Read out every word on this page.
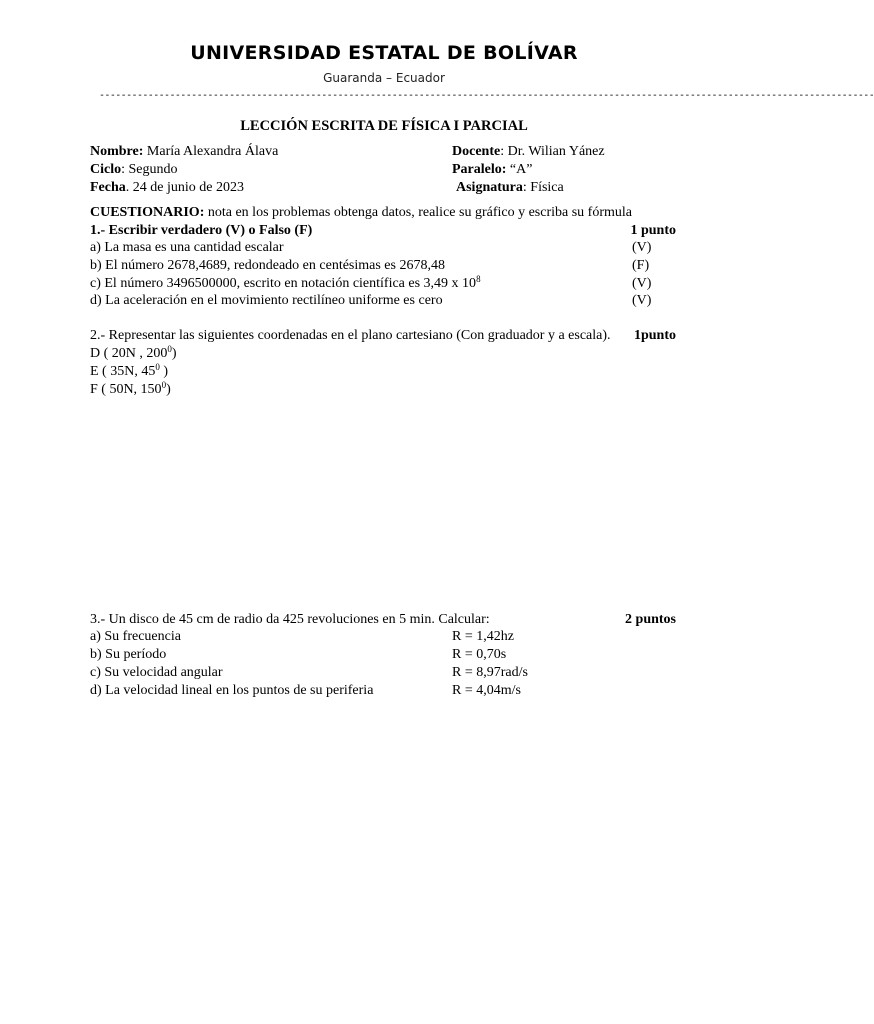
UNIVERSIDAD ESTATAL DE BOLÍVAR
Guaranda – Ecuador
-----------------------------------------------------------------------------------------------------------------------------------------------
LECCIÓN ESCRITA DE FÍSICA I PARCIAL
Nombre: María Alexandra Álava	Docente: Dr. Wilian Yánez
Ciclo: Segundo	Paralelo: “A”
Fecha. 24 de junio de 2023	Asignatura: Física
CUESTIONARIO: nota en los problemas obtenga datos, realice su gráfico y escriba su fórmula
1.- Escribir verdadero (V) o Falso (F)	1 punto
a) La masa es una cantidad escalar	(V)
b) El número 2678,4689, redondeado en centésimas es 2678,48	(F)
c) El número 3496500000, escrito en notación científica es 3,49 x $10^8$	(V)
d) La aceleración en el movimiento rectilíneo uniforme es cero	(V)
2.- Representar las siguientes coordenadas en el plano cartesiano (Con graduador y a escala). 1punto
D ( 20N , $200^0$)
E ( 35N, $45^0$ )
F ( 50N, $150^0$)
3.- Un disco de 45 cm de radio da 425 revoluciones en 5 min. Calcular:	2 puntos
a) Su frecuencia	R = 1,42hz
b) Su período	R = 0,70s
c) Su velocidad angular	R = 8,97rad/s
d) La velocidad lineal en los puntos de su periferia	R = 4,04m/s
